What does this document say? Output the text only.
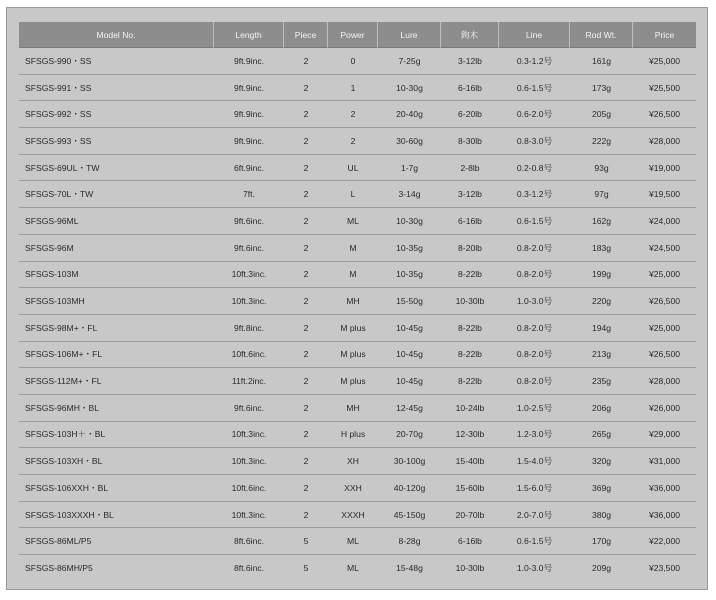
Model No.	Length	Piece	Power	Lure	鉤木	Line	Rod Wt.	Price
SFSGS-990・SS	9ft.9inc.	2	0	7-25g	3-12lb	0.3-1.2号	161g	¥25,000
SFSGS-991・SS	9ft.9inc.	2	1	10-30g	6-16lb	0.6-1.5号	173g	¥25,500
SFSGS-992・SS	9ft.9inc.	2	2	20-40g	6-20lb	0.6-2.0号	205g	¥26,500
SFSGS-993・SS	9ft.9inc.	2	2	30-60g	8-30lb	0.8-3.0号	222g	¥28,000
SFSGS-69UL・TW	6ft.9inc.	2	UL	1-7g	2-8lb	0.2-0.8号	93g	¥19,000
SFSGS-70L・TW	7ft.	2	L	3-14g	3-12lb	0.3-1.2号	97g	¥19,500
SFSGS-96ML	9ft.6inc.	2	ML	10-30g	6-16lb	0.6-1.5号	162g	¥24,000
SFSGS-96M	9ft.6inc.	2	M	10-35g	8-20lb	0.8-2.0号	183g	¥24,500
SFSGS-103M	10ft.3inc.	2	M	10-35g	8-22lb	0.8-2.0号	199g	¥25,000
SFSGS-103MH	10ft.3inc.	2	MH	15-50g	10-30lb	1.0-3.0号	220g	¥26,500
SFSGS-98M+・FL	9ft.8inc.	2	M plus	10-45g	8-22lb	0.8-2.0号	194g	¥25,000
SFSGS-106M+・FL	10ft.6inc.	2	M plus	10-45g	8-22lb	0.8-2.0号	213g	¥26,500
SFSGS-112M+・FL	11ft.2inc.	2	M plus	10-45g	8-22lb	0.8-2.0号	235g	¥28,000
SFSGS-96MH・BL	9ft.6inc.	2	MH	12-45g	10-24lb	1.0-2.5号	206g	¥26,000
SFSGS-103H＋・BL	10ft.3inc.	2	H plus	20-70g	12-30lb	1.2-3.0号	265g	¥29,000
SFSGS-103XH・BL	10ft.3inc.	2	XH	30-100g	15-40lb	1.5-4.0号	320g	¥31,000
SFSGS-106XXH・BL	10ft.6inc.	2	XXH	40-120g	15-60lb	1.5-6.0号	369g	¥36,000
SFSGS-103XXXH・BL	10ft.3inc.	2	XXXH	45-150g	20-70lb	2.0-7.0号	380g	¥36,000
SFSGS-86ML/P5	8ft.6inc.	5	ML	8-28g	6-16lb	0.6-1.5号	170g	¥22,000
SFSGS-86MH/P5	8ft.6inc.	5	ML	15-48g	10-30lb	1.0-3.0号	209g	¥23,500
